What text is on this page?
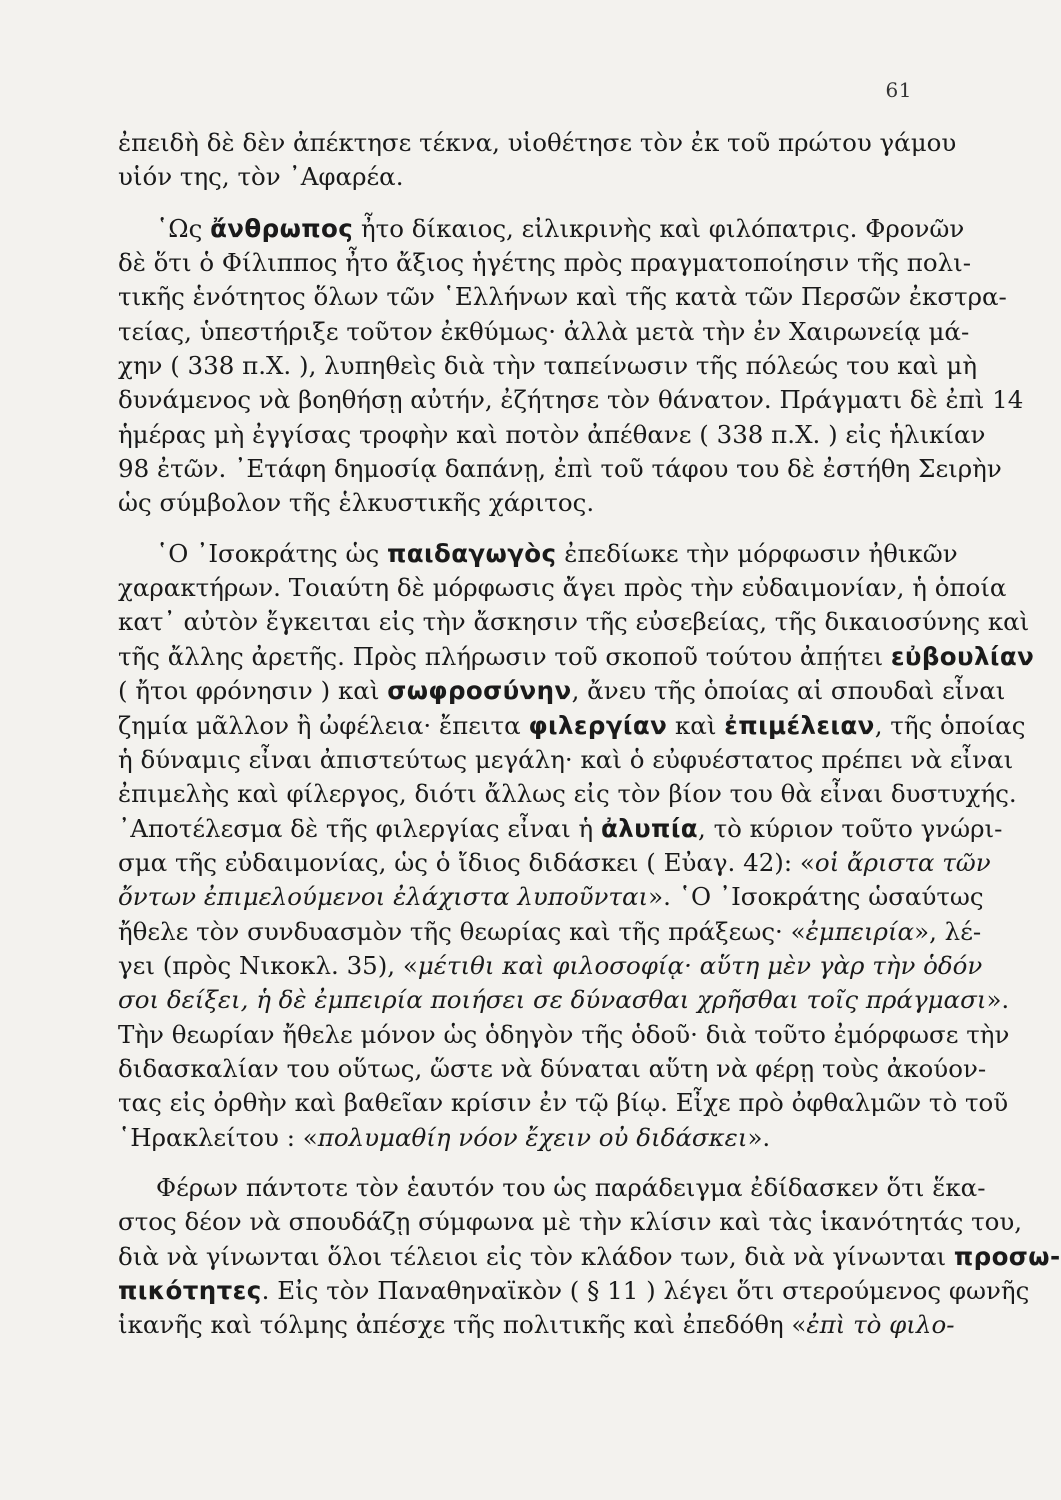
61
ἐπειδὴ δὲ δὲν ἀπέκτησε τέκνα, υἱοθέτησε τὸν ἐκ τοῦ πρώτου γάμου
υἱόν της, τὸν ᾿Αφαρέα.
῾Ως ἄνθρωπος ἦτο δίκαιος, εἰλικρινὴς καὶ φιλόπατρις. Φρονῶν
δὲ ὅτι ὁ Φίλιππος ἦτο ἄξιος ἡγέτης πρὸς πραγματοποίησιν τῆς πολι-
τικῆς ἑνότητος ὅλων τῶν ῾Ελλήνων καὶ τῆς κατὰ τῶν Περσῶν ἐκστρα-
τείας, ὑπεστήριξε τοῦτον ἐκθύμως· ἀλλὰ μετὰ τὴν ἐν Χαιρωνείᾳ μά-
χην ( 338 π.Χ. ), λυπηθεὶς διὰ τὴν ταπείνωσιν τῆς πόλεώς του καὶ μὴ
δυνάμενος νὰ βοηθήσῃ αὐτήν, ἐζήτησε τὸν θάνατον. Πράγματι δὲ ἐπὶ 14
ἡμέρας μὴ ἐγγίσας τροφὴν καὶ ποτὸν ἀπέθανε ( 338 π.Χ. ) εἰς ἡλικίαν
98 ἐτῶν. ᾿Ετάφη δημοσίᾳ δαπάνῃ, ἐπὶ τοῦ τάφου του δὲ ἐστήθη Σειρὴν
ὡς σύμβολον τῆς ἑλκυστικῆς χάριτος.
῾Ο ᾿Ισοκράτης ὡς παιδαγωγὸς ἐπεδίωκε τὴν μόρφωσιν ἠθικῶν
χαρακτήρων. Τοιαύτη δὲ μόρφωσις ἄγει πρὸς τὴν εὐδαιμονίαν, ἡ ὁποία
κατ᾿ αὐτὸν ἔγκειται εἰς τὴν ἄσκησιν τῆς εὐσεβείας, τῆς δικαιοσύνης καὶ
τῆς ἄλλης ἀρετῆς. Πρὸς πλήρωσιν τοῦ σκοποῦ τούτου ἀπῄτει εὐβουλίαν
( ἤτοι φρόνησιν ) καὶ σωφροσύνην, ἄνευ τῆς ὁποίας αἱ σπουδαὶ εἶναι
ζημία μᾶλλον ἢ ὠφέλεια· ἔπειτα φιλεργίαν καὶ ἐπιμέλειαν, τῆς ὁποίας
ἡ δύναμις εἶναι ἀπιστεύτως μεγάλη· καὶ ὁ εὐφυέστατος πρέπει νὰ εἶναι
ἐπιμελὴς καὶ φίλεργος, διότι ἄλλως εἰς τὸν βίον του θὰ εἶναι δυστυχής.
᾿Αποτέλεσμα δὲ τῆς φιλεργίας εἶναι ἡ ἀλυπία, τὸ κύριον τοῦτο γνώρι-
σμα τῆς εὐδαιμονίας, ὡς ὁ ἴδιος διδάσκει ( Εὐαγ. 42): «οἱ ἄριστα τῶν
ὄντων ἐπιμελούμενοι ἐλάχιστα λυποῦνται». ῾Ο ᾿Ισοκράτης ὡσαύτως
ἤθελε τὸν συνδυασμὸν τῆς θεωρίας καὶ τῆς πράξεως· «ἐμπειρία», λέ-
γει (πρὸς Νικοκλ. 35), «μέτιθι καὶ φιλοσοφίᾳ· αὕτη μὲν γὰρ τὴν ὁδόν
σοι δείξει, ἡ δὲ ἐμπειρία ποιήσει σε δύνασθαι χρῆσθαι τοῖς πράγμασι».
Τὴν θεωρίαν ἤθελε μόνον ὡς ὁδηγὸν τῆς ὁδοῦ· διὰ τοῦτο ἐμόρφωσε τὴν
διδασκαλίαν του οὕτως, ὥστε νὰ δύναται αὕτη νὰ φέρῃ τοὺς ἀκούον-
τας εἰς ὀρθὴν καὶ βαθεῖαν κρίσιν ἐν τῷ βίῳ. Εἶχε πρὸ ὀφθαλμῶν τὸ τοῦ
῾Ηρακλείτου : «πολυμαθίη νόον ἔχειν οὐ διδάσκει».
Φέρων πάντοτε τὸν ἑαυτόν του ὡς παράδειγμα ἐδίδασκεν ὅτι ἕκα-
στος δέον νὰ σπουδάζῃ σύμφωνα μὲ τὴν κλίσιν καὶ τὰς ἱκανότητάς του,
διὰ νὰ γίνωνται ὅλοι τέλειοι εἰς τὸν κλάδον των, διὰ νὰ γίνωνται προσω-
πικότητες. Εἰς τὸν Παναθηναϊκὸν ( § 11 ) λέγει ὅτι στερούμενος φωνῆς
ἱκανῆς καὶ τόλμης ἀπέσχε τῆς πολιτικῆς καὶ ἐπεδόθη «ἐπὶ τὸ φιλο-
